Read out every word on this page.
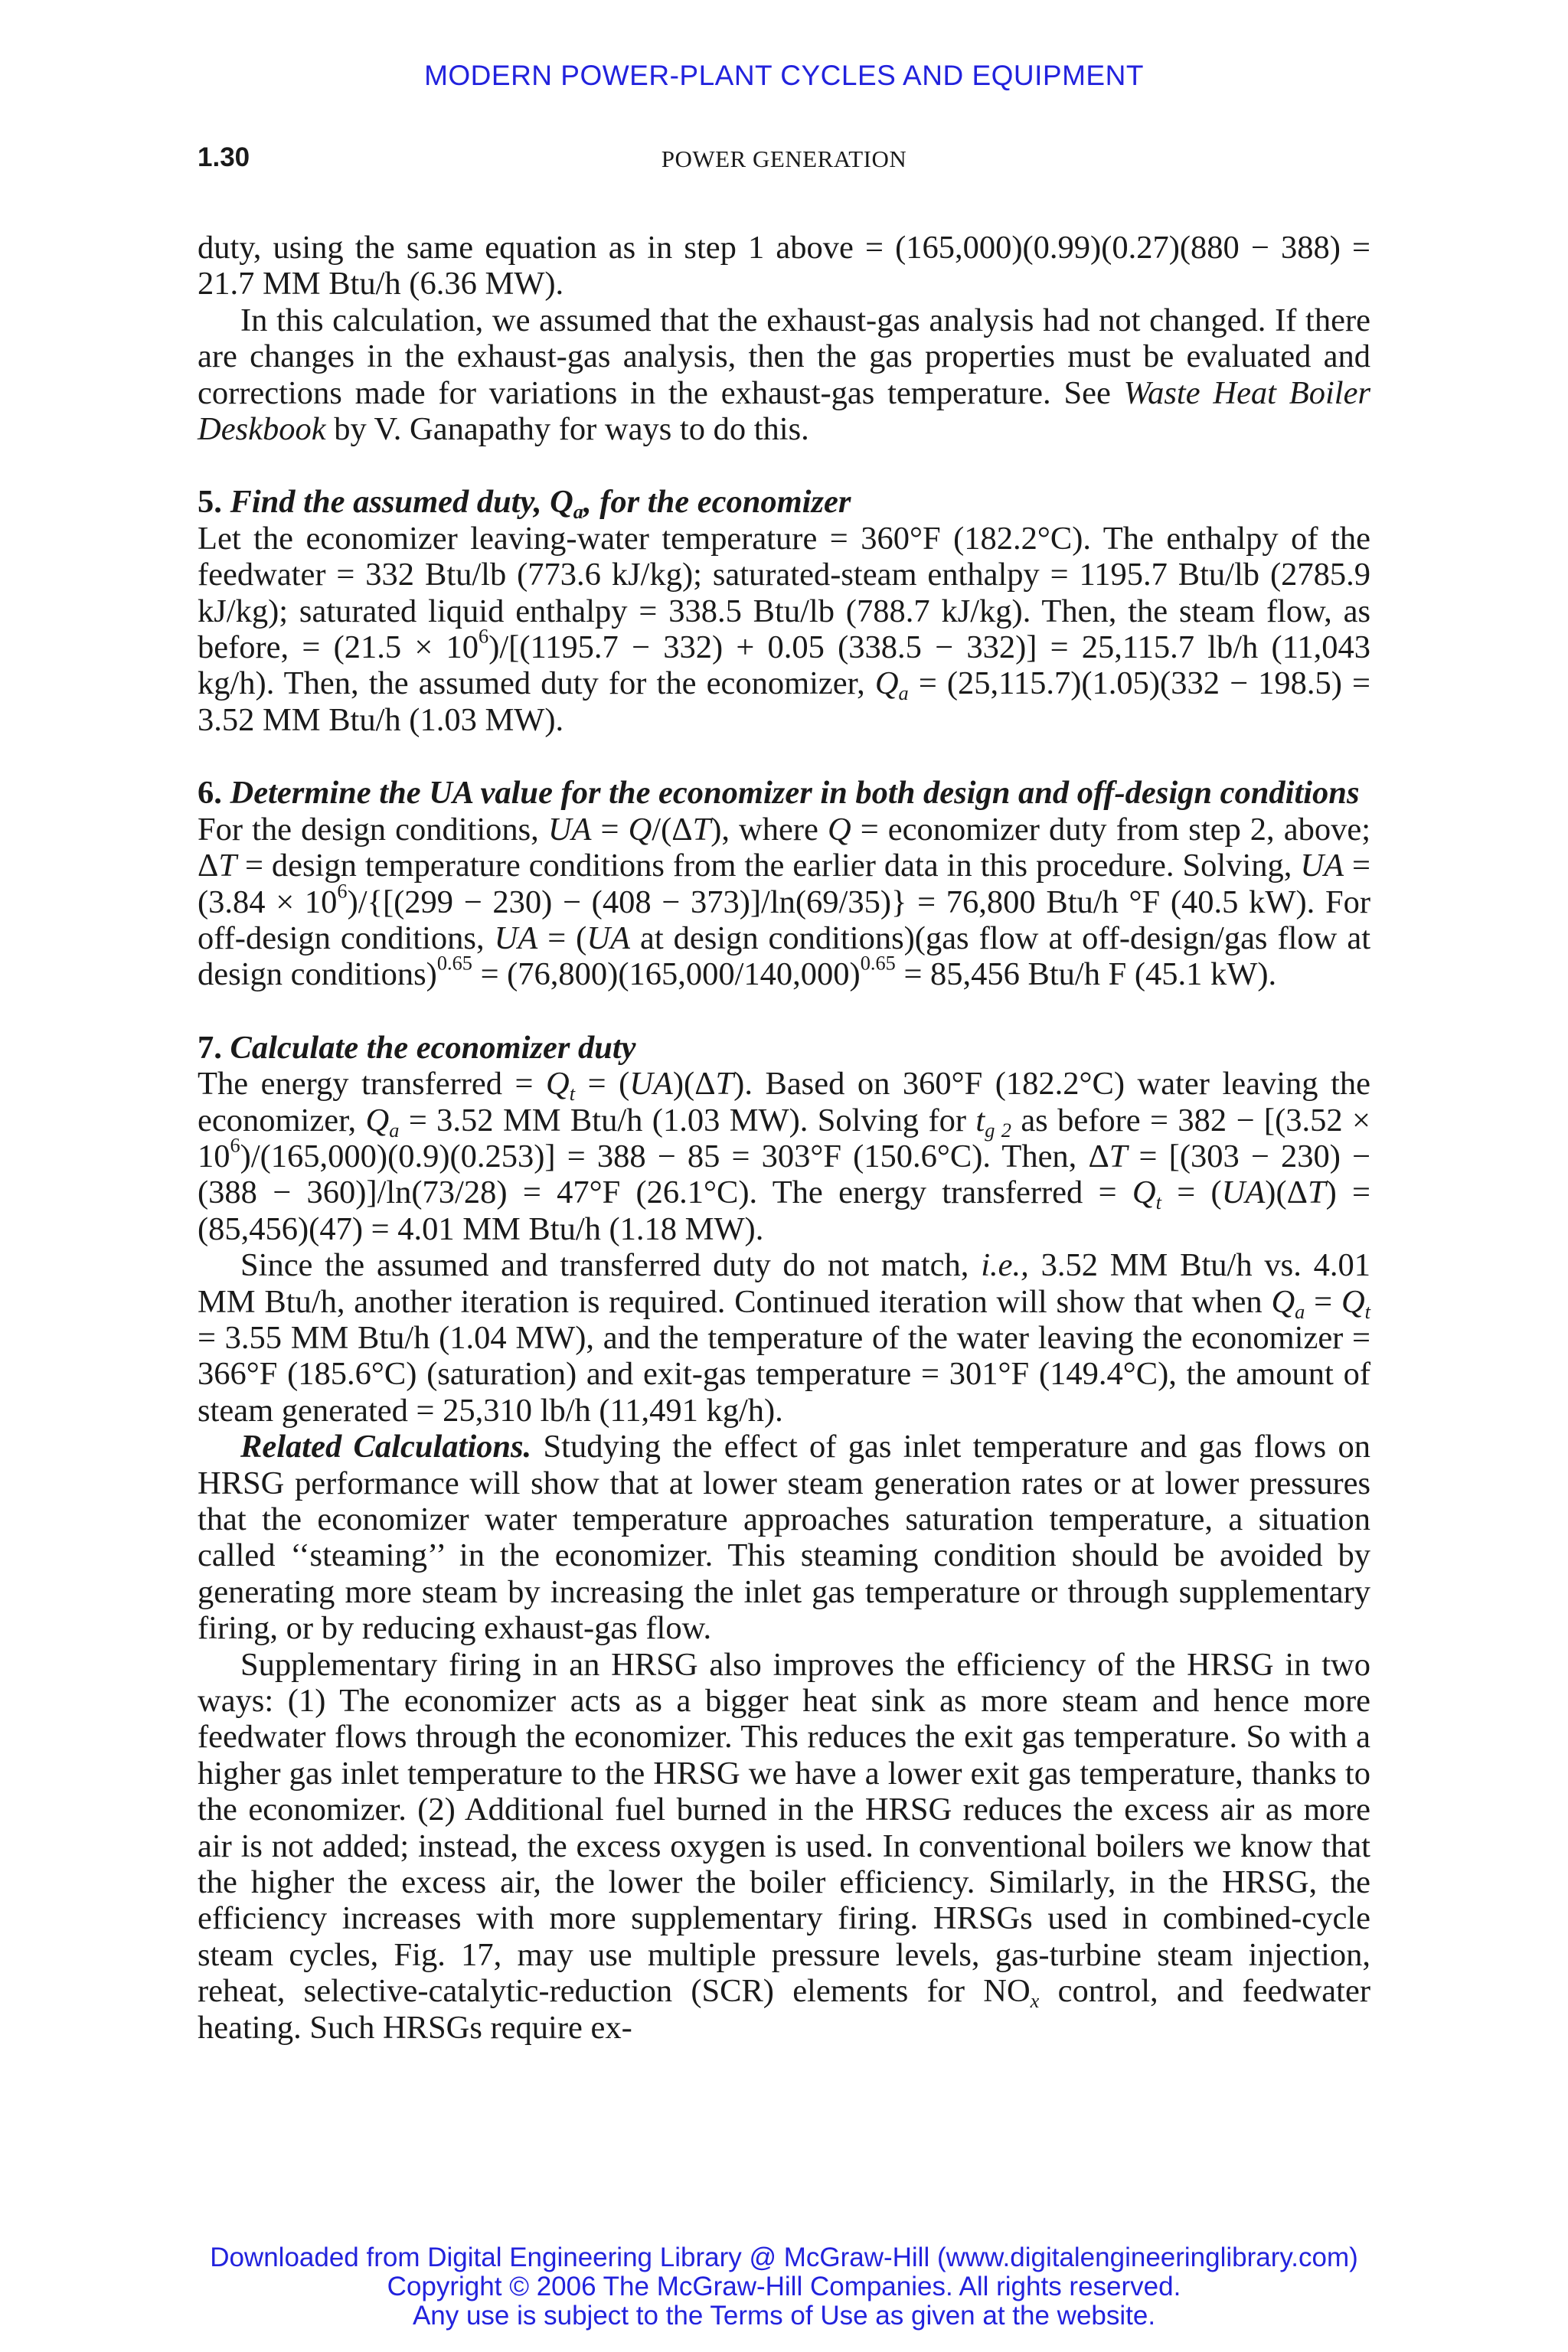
MODERN POWER-PLANT CYCLES AND EQUIPMENT
1.30	POWER GENERATION

duty, using the same equation as in step 1 above = (165,000)(0.99)(0.27)(880 − 388) = 21.7 MM Btu/h (6.36 MW).

In this calculation, we assumed that the exhaust-gas analysis had not changed. If there are changes in the exhaust-gas analysis, then the gas properties must be evaluated and corrections made for variations in the exhaust-gas temperature. See Waste Heat Boiler Deskbook by V. Ganapathy for ways to do this.

5. Find the assumed duty, $Q_a$, for the economizer

Let the economizer leaving-water temperature = 360°F (182.2°C). The enthalpy of the feedwater = 332 Btu/lb (773.6 kJ/kg); saturated-steam enthalpy = 1195.7 Btu/lb (2785.9 kJ/kg); saturated liquid enthalpy = 338.5 Btu/lb (788.7 kJ/kg). Then, the steam flow, as before, = $(21.5 \times 10^6)/[(1195.7 - 332) + 0.05$ (338.5 − 332)] = 25,115.7 lb/h (11,043 kg/h). Then, the assumed duty for the economizer, $Q_a = (25,115.7)(1.05)(332 - 198.5) = 3.52$ MM Btu/h (1.03 MW).

6. Determine the UA value for the economizer in both design and off-design conditions

For the design conditions, UA = Q/(ΔT), where Q = economizer duty from step 2, above; ΔT = design temperature conditions from the earlier data in this procedure. Solving, UA = $(3.84 \times 10^6)/\{[(299 - 230) - (408 - 373)]/\ln(69/35)\} = 76,800$ Btu/h °F (40.5 kW). For off-design conditions, UA = (UA at design conditions)(gas flow at off-design/gas flow at design conditions)$^{0.65}$ = $(76,800)(165,000/140,000)^{0.65} = 85,456$ Btu/h F (45.1 kW).

7. Calculate the economizer duty

The energy transferred = $Q_t = (UA)(\Delta T)$. Based on 360°F (182.2°C) water leaving the economizer, $Q_a = 3.52$ MM Btu/h (1.03 MW). Solving for $t_{g 2}$ as before = $382 - [(3.52 \times 10^6)/(165,000)(0.9)(0.253)] = 388 - 85 = 303^\circ F$ (150.6°C). Then, ΔT = [(303 − 230) − (388 − 360)]/ln(73/28) = 47°F (26.1°C). The energy transferred = $Q_t = (UA)(\Delta T) = (85,456)(47) = 4.01$ MM Btu/h (1.18 MW).

Since the assumed and transferred duty do not match, i.e., 3.52 MM Btu/h vs. 4.01 MM Btu/h, another iteration is required. Continued iteration will show that when $Q_a = Q_t = 3.55$ MM Btu/h (1.04 MW), and the temperature of the water leaving the economizer = 366°F (185.6°C) (saturation) and exit-gas temperature = 301°F (149.4°C), the amount of steam generated = 25,310 lb/h (11,491 kg/h).

Related Calculations. Studying the effect of gas inlet temperature and gas flows on HRSG performance will show that at lower steam generation rates or at lower pressures that the economizer water temperature approaches saturation temperature, a situation called ‘‘steaming’’ in the economizer. This steaming condition should be avoided by generating more steam by increasing the inlet gas temperature or through supplementary firing, or by reducing exhaust-gas flow.

Supplementary firing in an HRSG also improves the efficiency of the HRSG in two ways: (1) The economizer acts as a bigger heat sink as more steam and hence more feedwater flows through the economizer. This reduces the exit gas temperature. So with a higher gas inlet temperature to the HRSG we have a lower exit gas temperature, thanks to the economizer. (2) Additional fuel burned in the HRSG reduces the excess air as more air is not added; instead, the excess oxygen is used. In conventional boilers we know that the higher the excess air, the lower the boiler efficiency. Similarly, in the HRSG, the efficiency increases with more supplementary firing. HRSGs used in combined-cycle steam cycles, Fig. 17, may use multiple pressure levels, gas-turbine steam injection, reheat, selective-catalytic-reduction (SCR) elements for $NO_x$ control, and feedwater heating. Such HRSGs require ex-

Downloaded from Digital Engineering Library @ McGraw-Hill (www.digitalengineeringlibrary.com)
Copyright © 2006 The McGraw-Hill Companies. All rights reserved.
Any use is subject to the Terms of Use as given at the website.
